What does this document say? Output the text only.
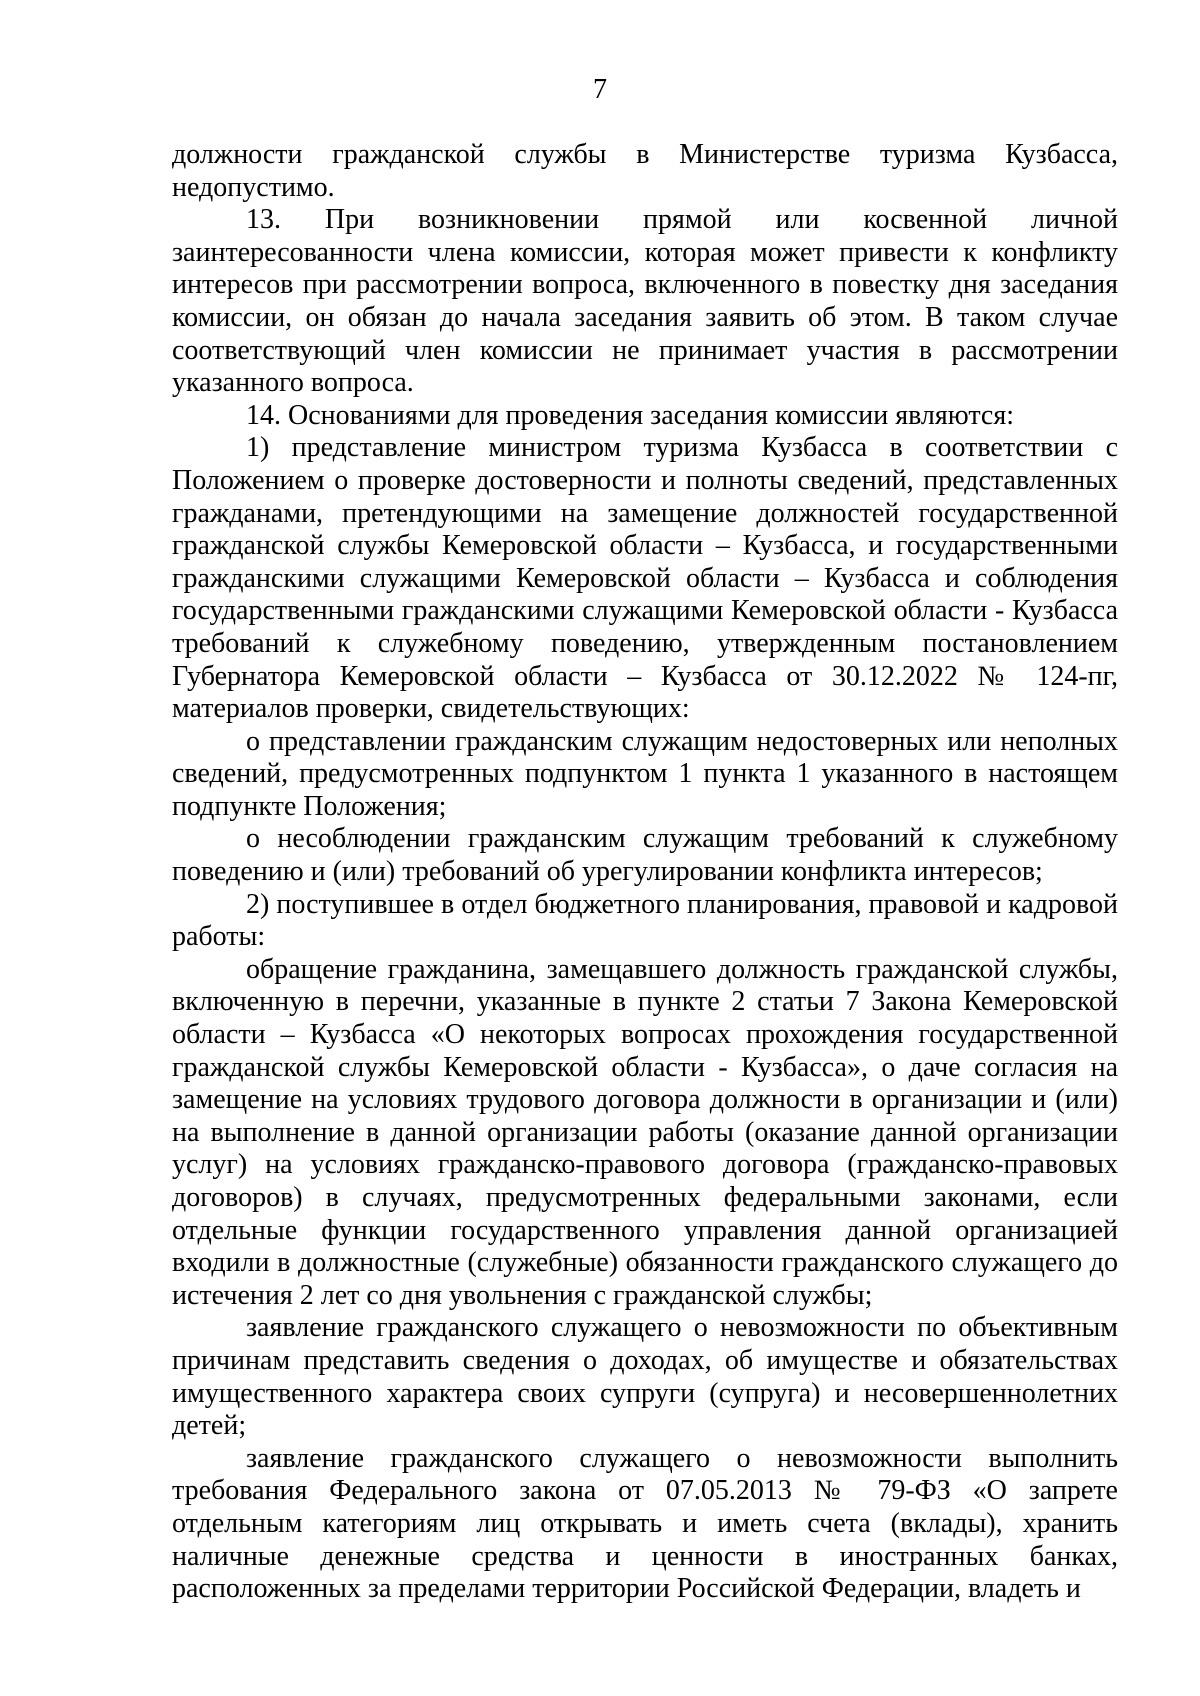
7

должности гражданской службы в Министерстве туризма Кузбасса, недопустимо.

13. При возникновении прямой или косвенной личной заинтересованности члена комиссии, которая может привести к конфликту интересов при рассмотрении вопроса, включенного в повестку дня заседания комиссии, он обязан до начала заседания заявить об этом. В таком случае соответствующий член комиссии не принимает участия в рассмотрении указанного вопроса.

14. Основаниями для проведения заседания комиссии являются:

1) представление министром туризма Кузбасса в соответствии с Положением о проверке достоверности и полноты сведений, представленных гражданами, претендующими на замещение должностей государственной гражданской службы Кемеровской области – Кузбасса, и государственными гражданскими служащими Кемеровской области – Кузбасса и соблюдения государственными гражданскими служащими Кемеровской области - Кузбасса требований к служебному поведению, утвержденным постановлением Губернатора Кемеровской области – Кузбасса от 30.12.2022 № 124-пг, материалов проверки, свидетельствующих:

о представлении гражданским служащим недостоверных или неполных сведений, предусмотренных подпунктом 1 пункта 1 указанного в настоящем подпункте Положения;

о несоблюдении гражданским служащим требований к служебному поведению и (или) требований об урегулировании конфликта интересов;

2) поступившее в отдел бюджетного планирования, правовой и кадровой работы:

обращение гражданина, замещавшего должность гражданской службы, включенную в перечни, указанные в пункте 2 статьи 7 Закона Кемеровской области – Кузбасса «О некоторых вопросах прохождения государственной гражданской службы Кемеровской области - Кузбасса», о даче согласия на замещение на условиях трудового договора должности в организации и (или) на выполнение в данной организации работы (оказание данной организации услуг) на условиях гражданско-правового договора (гражданско-правовых договоров) в случаях, предусмотренных федеральными законами, если отдельные функции государственного управления данной организацией входили в должностные (служебные) обязанности гражданского служащего до истечения 2 лет со дня увольнения с гражданской службы;

заявление гражданского служащего о невозможности по объективным причинам представить сведения о доходах, об имуществе и обязательствах имущественного характера своих супруги (супруга) и несовершеннолетних детей;

заявление гражданского служащего о невозможности выполнить требования Федерального закона от 07.05.2013 № 79-ФЗ «О запрете отдельным категориям лиц открывать и иметь счета (вклады), хранить наличные денежные средства и ценности в иностранных банках, расположенных за пределами территории Российской Федерации, владеть и
